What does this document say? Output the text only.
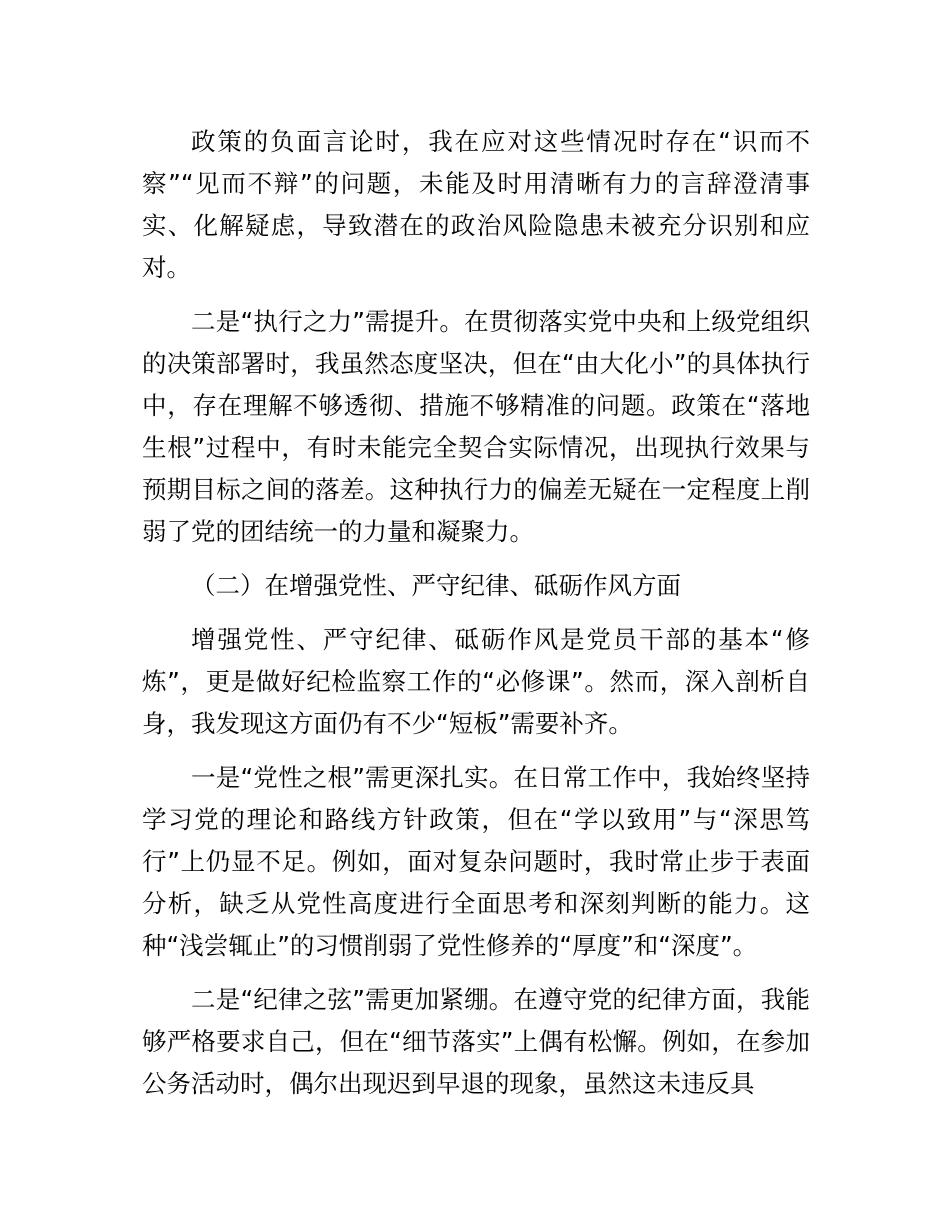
政策的负面言论时，我在应对这些情况时存在“识而不察”“见而不辩”的问题，未能及时用清晰有力的言辞澄清事实、化解疑虑，导致潜在的政治风险隐患未被充分识别和应对。

二是“执行之力”需提升。在贯彻落实党中央和上级党组织的决策部署时，我虽然态度坚决，但在“由大化小”的具体执行中，存在理解不够透彻、措施不够精准的问题。政策在“落地生根”过程中，有时未能完全契合实际情况，出现执行效果与预期目标之间的落差。这种执行力的偏差无疑在一定程度上削弱了党的团结统一的力量和凝聚力。

（二）在增强党性、严守纪律、砥砺作风方面

增强党性、严守纪律、砥砺作风是党员干部的基本“修炼”，更是做好纪检监察工作的“必修课”。然而，深入剖析自身，我发现这方面仍有不少“短板”需要补齐。

一是“党性之根”需更深扎实。在日常工作中，我始终坚持学习党的理论和路线方针政策，但在“学以致用”与“深思笃行”上仍显不足。例如，面对复杂问题时，我时常止步于表面分析，缺乏从党性高度进行全面思考和深刻判断的能力。这种“浅尝辄止”的习惯削弱了党性修养的“厚度”和“深度”。

二是“纪律之弦”需更加紧绷。在遵守党的纪律方面，我能够严格要求自己，但在“细节落实”上偶有松懈。例如，在参加公务活动时，偶尔出现迟到早退的现象，虽然这未违反具
